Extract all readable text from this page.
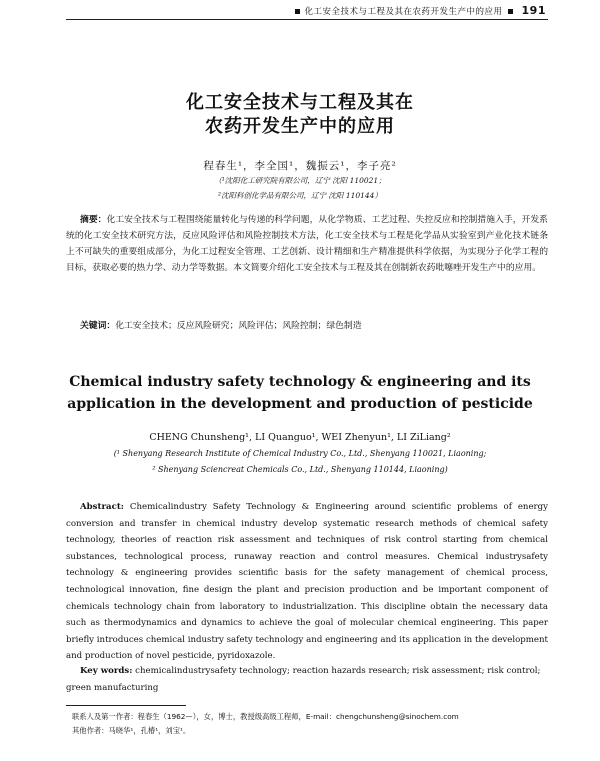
化工安全技术与工程及其在农药开发生产中的应用 191
化工安全技术与工程及其在
农药开发生产中的应用
程春生¹，李全国¹，魏振云¹，李子亮²
（¹沈阳化工研究院有限公司，辽宁 沈阳 110021；
²沈阳科创化学品有限公司，辽宁 沈阳 110144）
摘要：化工安全技术与工程围绕能量转化与传递的科学问题，从化学物质、工艺过程、失控反应和控制措施入手，开发系统的化工安全技术研究方法，反应风险评估和风险控制技术方法，化工安全技术与工程是化学品从实验室到产业化技术链条上不可缺失的重要组成部分，为化工过程安全管理、工艺创新、设计精细和生产精准提供科学依据，为实现分子化学工程的目标，获取必要的热力学、动力学等数据。本文简要介绍化工安全技术与工程及其在创制新农药吡噻唑开发生产中的应用。
关键词：化工安全技术；反应风险研究；风险评估；风险控制；绿色制造
Chemical industry safety technology & engineering and its
application in the development and production of pesticide
CHENG Chunsheng¹, LI Quanguo¹, WEI Zhenyun¹, LI ZiLiang²
(¹ Shenyang Research Institute of Chemical Industry Co., Ltd., Shenyang 110021, Liaoning;
² Shenyang Sciencreat Chemicals Co., Ltd., Shenyang 110144, Liaoning)
Abstract: Chemicalindustry Safety Technology & Engineering around scientific problems of energy conversion and transfer in chemical industry develop systematic research methods of chemical safety technology, theories of reaction risk assessment and techniques of risk control starting from chemical substances, technological process, runaway reaction and control measures. Chemical industrysafety technology & engineering provides scientific basis for the safety management of chemical process, technological innovation, fine design the plant and precision production and be important component of chemicals technology chain from laboratory to industrialization. This discipline obtain the necessary data such as thermodynamics and dynamics to achieve the goal of molecular chemical engineering. This paper briefly introduces chemical industry safety technology and engineering and its application in the development and production of novel pesticide, pyridoxazole.
Key words: chemicalindustrysafety technology; reaction hazards research; risk assessment; risk control; green manufacturing
联系人及第一作者：程春生（1962—），女，博士，教授级高级工程师，E-mail：chengchunsheng@sinochem.com
其他作者：马晓华¹，孔椿¹，刘宝¹。
